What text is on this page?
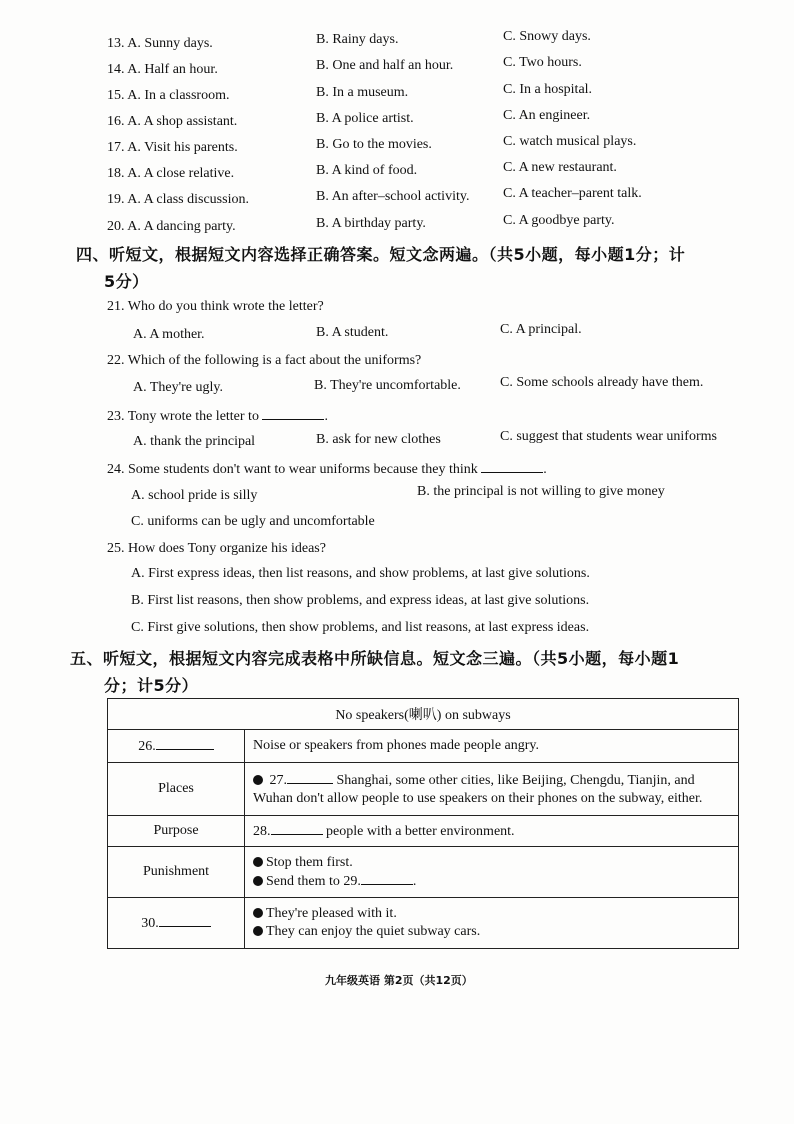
13. A. Sunny days.	B. Rainy days.	C. Snowy days.
14. A. Half an hour.	B. One and half an hour.	C. Two hours.
15. A. In a classroom.	B. In a museum.	C. In a hospital.
16. A. A shop assistant.	B. A police artist.	C. An engineer.
17. A. Visit his parents.	B. Go to the movies.	C. watch musical plays.
18. A. A close relative.	B. A kind of food.	C. A new restaurant.
19. A. A class discussion.	B. An after–school activity. C. A teacher–parent talk.
20. A. A dancing party.	B. A birthday party.	C. A goodbye party.
四、听短文，根据短文内容选择正确答案。短文念两遍。（共5小题，每小题1分；计
5分）
21. Who do you think wrote the letter?
A. A mother.	B. A student.	C. A principal.
22. Which of the following is a fact about the uniforms?
A. They're ugly.	B. They're uncomfortable.	C. Some schools already have them.
23. Tony wrote the letter to	.
A. thank the principal	B. ask for new clothes	C. suggest that students wear uniforms
24. Some students don't want to wear uniforms because they think	.
A. school pride is silly	B. the principal is not willing to give money
C. uniforms can be ugly and uncomfortable
25. How does Tony organize his ideas?
A. First express ideas, then list reasons, and show problems, at last give solutions.
B. First list reasons, then show problems, and express ideas, at last give solutions.
C. First give solutions, then show problems, and list reasons, at last express ideas.
五、听短文，根据短文内容完成表格中所缺信息。短文念三遍。（共5小题，每小题1
分；计5分）
No speakers(喇叭) on subways	
26.	Noise or speakers from phones made people angry.
Places	27. Shanghai, some other cities, like Beijing, Chengdu, Tianjin, and
Wuhan don't allow people to use speakers on their phones on the subway, either.
Purpose	28. people with a better environment.
Punishment	Stop them first.
Send them to 29. .
30.	They're pleased with it.
They can enjoy the quiet subway cars.
九年级英语 第2页（共12页）
